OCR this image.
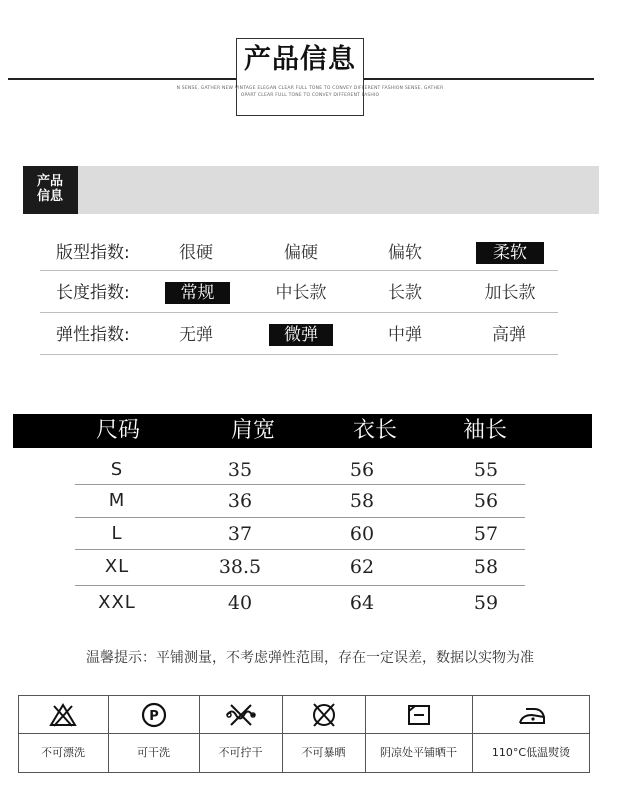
产品信息
N SENSE, GATHER NEW VINTAGE ELEGAN CLEAR FULL TONE TO CONVEY DIFFERENT FASHION SENSE, GATHER
OPART CLEAR FULL TONE TO CONVEY DIFFERENT FASHIO
产品
信息
版型指数:	很硬	偏硬	偏软	柔软
长度指数:	常规	中长款	长款	加长款
弹性指数:	无弹	微弹	中弹	高弹
尺码	肩宽	衣长	袖长
S	35	56	55
M	36	58	56
L	37	60	57
XL	38.5	62	58
XXL	40	64	59
温馨提示：平铺测量，不考虑弹性范围，存在一定误差，数据以实物为准
P
不可漂洗	可干洗	不可拧干	不可暴晒	阴凉处平铺晒干	110°C低温熨烫
